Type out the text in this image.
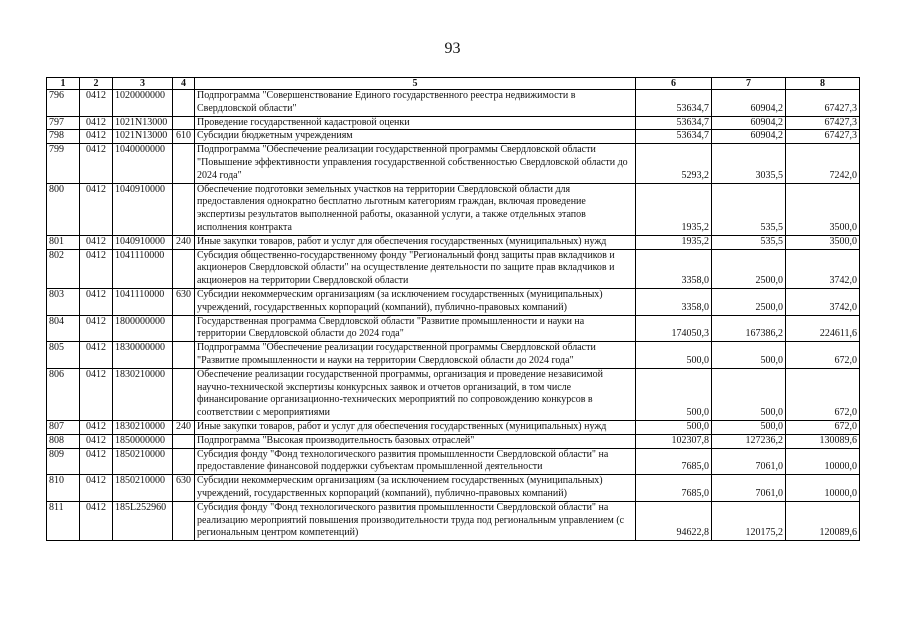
93
1	2	3	4	5	6	7	8
796	0412	1020000000		Подпрограмма "Совершенствование Единого государственного реестра недвижимости в Свердловской области"	53634,7	60904,2	67427,3
797	0412	1021N13000		Проведение государственной кадастровой оценки	53634,7	60904,2	67427,3
798	0412	1021N13000	610	Субсидии бюджетным учреждениям	53634,7	60904,2	67427,3
799	0412	1040000000		Подпрограмма "Обеспечение реализации государственной программы Свердловской области "Повышение эффективности управления государственной собственностью Свердловской области до 2024 года"	5293,2	3035,5	7242,0
800	0412	1040910000		Обеспечение подготовки земельных участков на территории Свердловской области для предоставления однократно бесплатно льготным категориям граждан, включая проведение экспертизы результатов выполненной работы, оказанной услуги, а также отдельных этапов исполнения контракта	1935,2	535,5	3500,0
801	0412	1040910000	240	Иные закупки товаров, работ и услуг для обеспечения государственных (муниципальных) нужд	1935,2	535,5	3500,0
802	0412	1041110000		Субсидия общественно-государственному фонду "Региональный фонд защиты прав вкладчиков и акционеров Свердловской области" на осуществление деятельности по защите прав вкладчиков и акционеров на территории Свердловской области	3358,0	2500,0	3742,0
803	0412	1041110000	630	Субсидии некоммерческим организациям (за исключением государственных (муниципальных) учреждений, государственных корпораций (компаний), публично-правовых компаний)	3358,0	2500,0	3742,0
804	0412	1800000000		Государственная программа Свердловской области "Развитие промышленности и науки на территории Свердловской области до 2024 года"	174050,3	167386,2	224611,6
805	0412	1830000000		Подпрограмма "Обеспечение реализации государственной программы Свердловской области "Развитие промышленности и науки на территории Свердловской области до 2024 года"	500,0	500,0	672,0
806	0412	1830210000		Обеспечение реализации государственной программы, организация и проведение независимой научно-технической экспертизы конкурсных заявок и отчетов организаций, в том числе финансирование организационно-технических мероприятий по сопровождению конкурсов в соответствии с мероприятиями	500,0	500,0	672,0
807	0412	1830210000	240	Иные закупки товаров, работ и услуг для обеспечения государственных (муниципальных) нужд	500,0	500,0	672,0
808	0412	1850000000		Подпрограмма "Высокая производительность базовых отраслей"	102307,8	127236,2	130089,6
809	0412	1850210000		Субсидия фонду "Фонд технологического развития промышленности Свердловской области" на предоставление финансовой поддержки субъектам промышленной деятельности	7685,0	7061,0	10000,0
810	0412	1850210000	630	Субсидии некоммерческим организациям (за исключением государственных (муниципальных) учреждений, государственных корпораций (компаний), публично-правовых компаний)	7685,0	7061,0	10000,0
811	0412	185L252960		Субсидия фонду "Фонд технологического развития промышленности Свердловской области" на реализацию мероприятий повышения производительности труда под региональным управлением (с региональным центром компетенций)	94622,8	120175,2	120089,6
